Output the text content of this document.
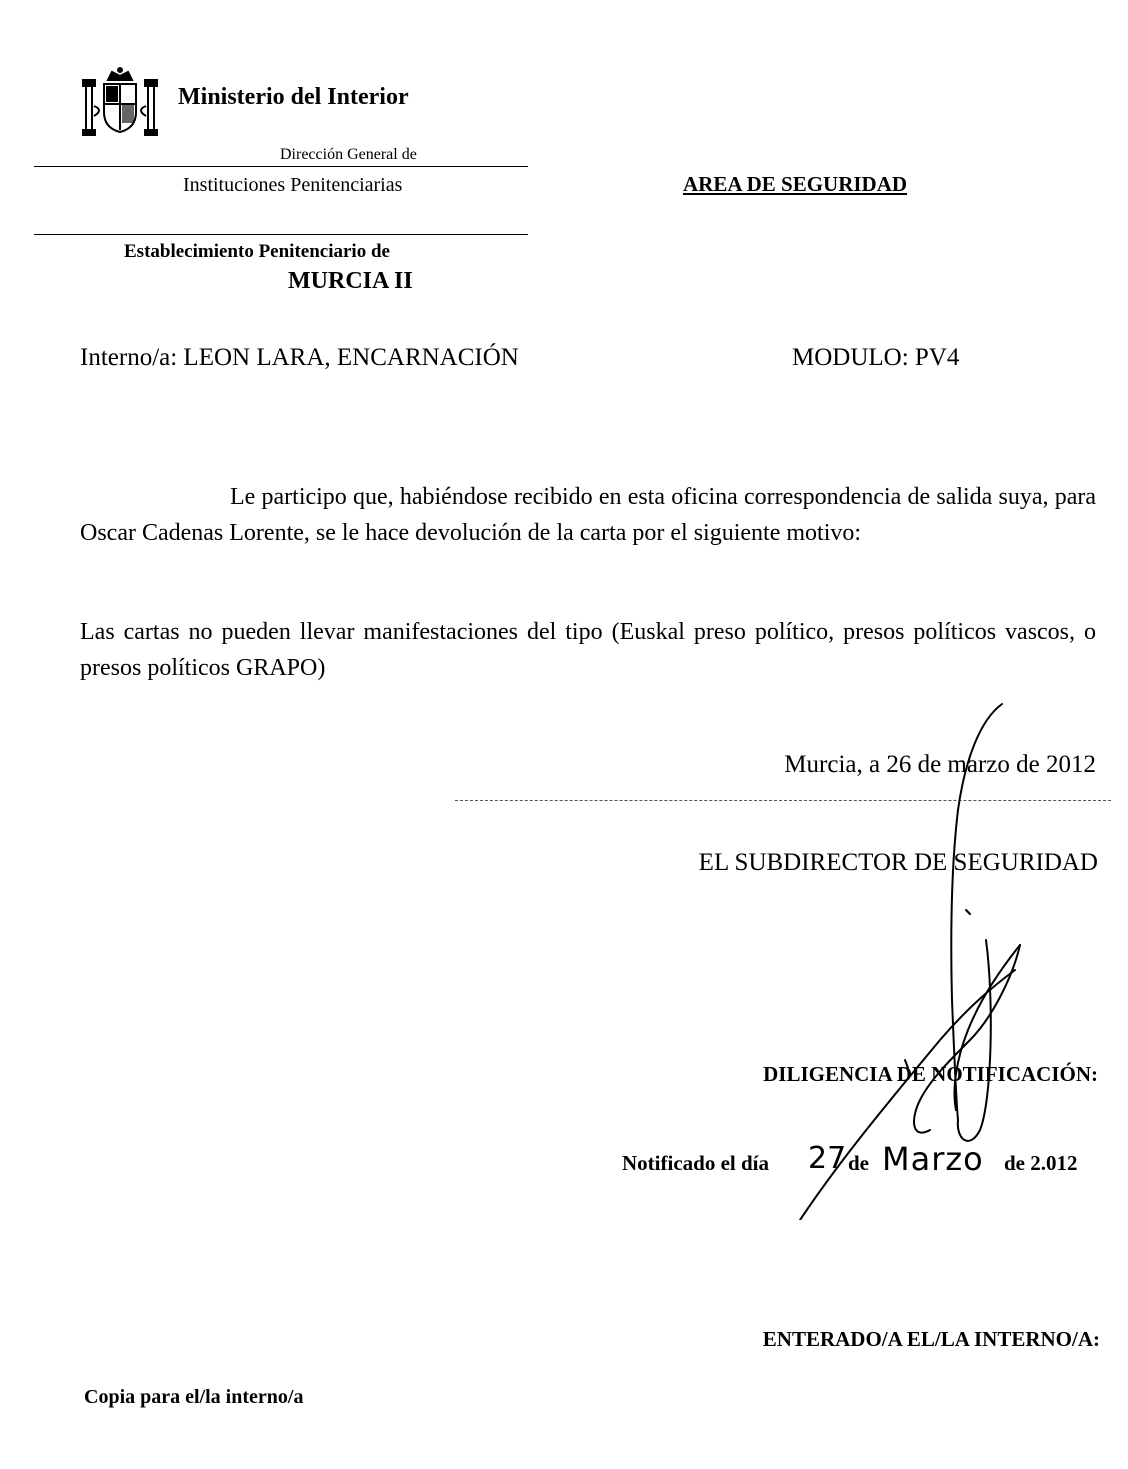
Ministerio del Interior
Dirección General de
Instituciones Penitenciarias	AREA DE SEGURIDAD
Establecimiento Penitenciario de
MURCIA II
Interno/a: LEON LARA, ENCARNACIÓN	MODULO: PV4
Le participo que, habiéndose recibido en esta oficina correspondencia de salida suya, para Oscar Cadenas Lorente, se le hace devolución de la carta por el siguiente motivo:
Las cartas no pueden llevar manifestaciones del tipo (Euskal preso político, presos políticos vascos, o presos políticos GRAPO)
Murcia, a 26 de marzo de 2012
EL SUBDIRECTOR DE SEGURIDAD
DILIGENCIA DE NOTIFICACIÓN:
Notificado el día 27 de Marzo de 2.012
ENTERADO/A EL/LA INTERNO/A:
Copia para el/la interno/a
